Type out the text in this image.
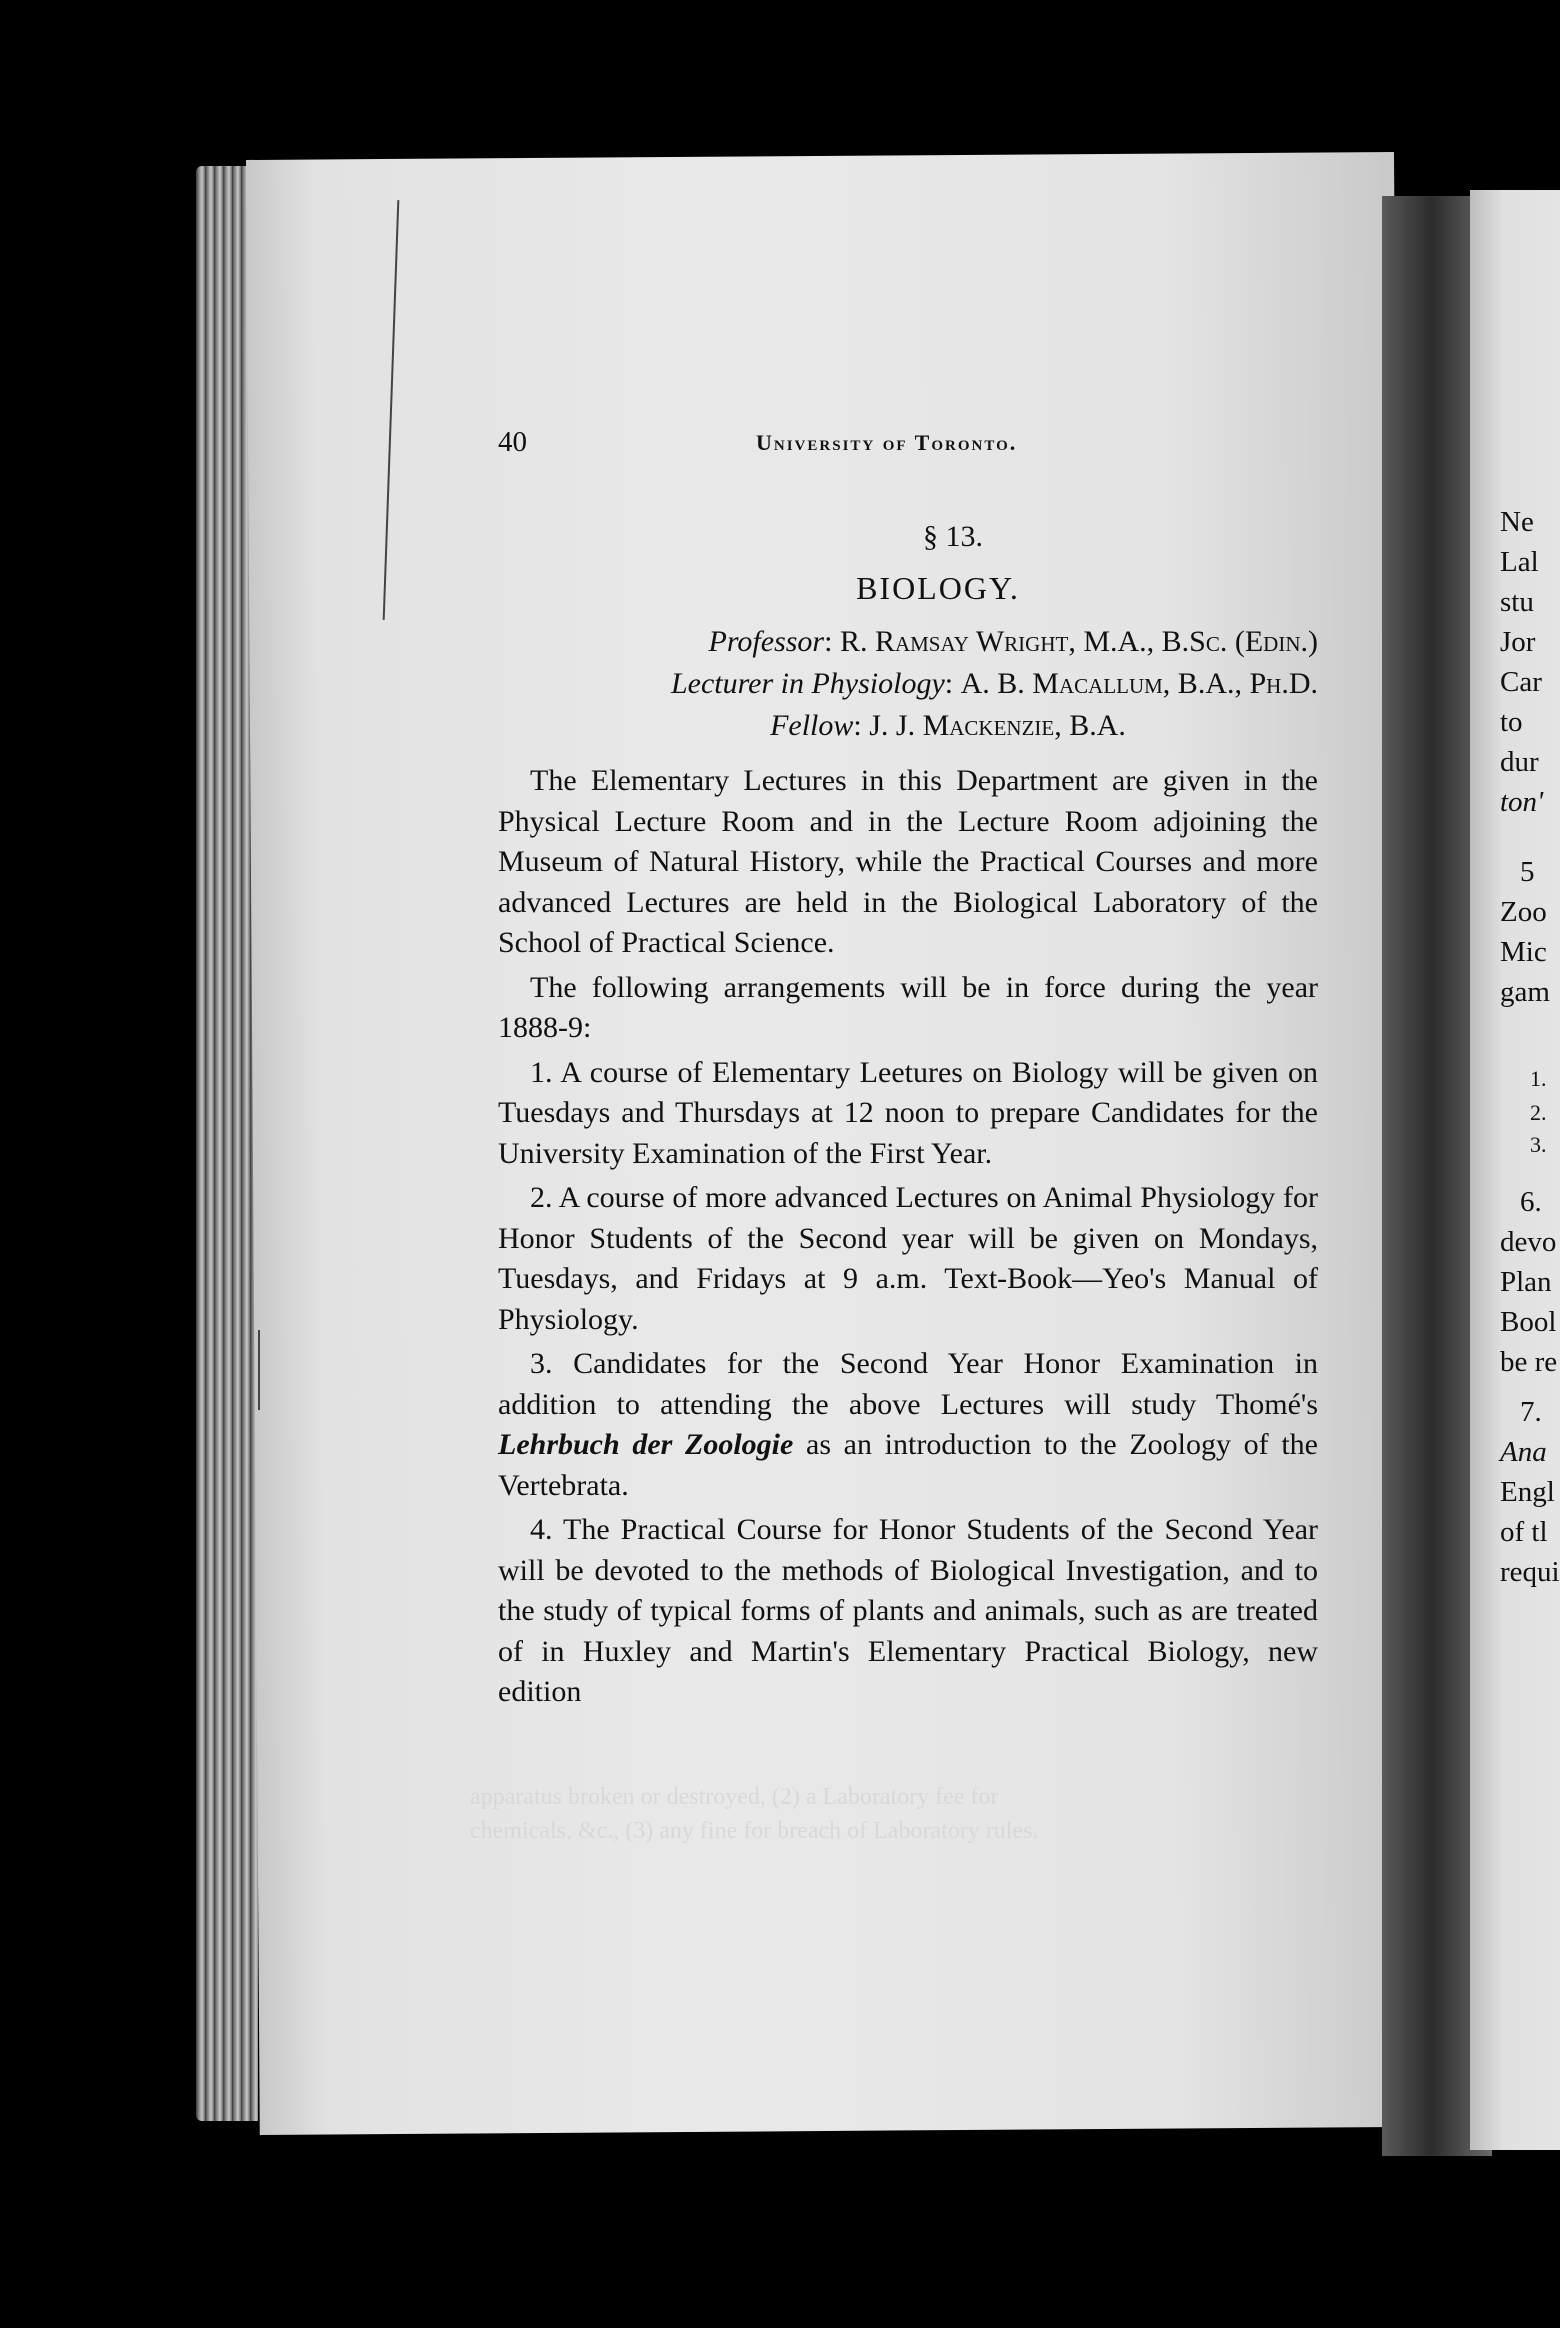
Ne
Lal
stu
Jor
Car
to
dur
ton'
5
Zoo
Mic
gam
1.
2.
3.
6.
devo
Plan
Bool
be re
7.
Ana
Engl
of tl
requi
40	University of Toronto.
§ 13.
BIOLOGY.
Professor: R. Ramsay Wright, M.A., B.Sc. (Edin.)
Lecturer in Physiology: A. B. Macallum, B.A., Ph.D.
Fellow: J. J. Mackenzie, B.A.

The Elementary Lectures in this Department are given in the Physical Lecture Room and in the Lecture Room adjoining the Museum of Natural History, while the Practical Courses and more advanced Lectures are held in the Biological Laboratory of the School of Practical Science.

The following arrangements will be in force during the year 1888-9:

1. A course of Elementary Leetures on Biology will be given on Tuesdays and Thursdays at 12 noon to prepare Candidates for the University Examination of the First Year.

2. A course of more advanced Lectures on Animal Physiology for Honor Students of the Second year will be given on Mondays, Tuesdays, and Fridays at 9 a.m. Text-Book—Yeo's Manual of Physiology.

3. Candidates for the Second Year Honor Examination in addition to attending the above Lectures will study Thomé's Lehrbuch der Zoologie as an introduction to the Zoology of the Vertebrata.

4. The Practical Course for Honor Students of the Second Year will be devoted to the methods of Biological Investigation, and to the study of typical forms of plants and animals, such as are treated of in Huxley and Martin's Elementary Practical Biology, new edition

apparatus broken or destroyed, (2) a Laboratory fee for
chemicals, &c., (3) any fine for breach of Laboratory rules.
